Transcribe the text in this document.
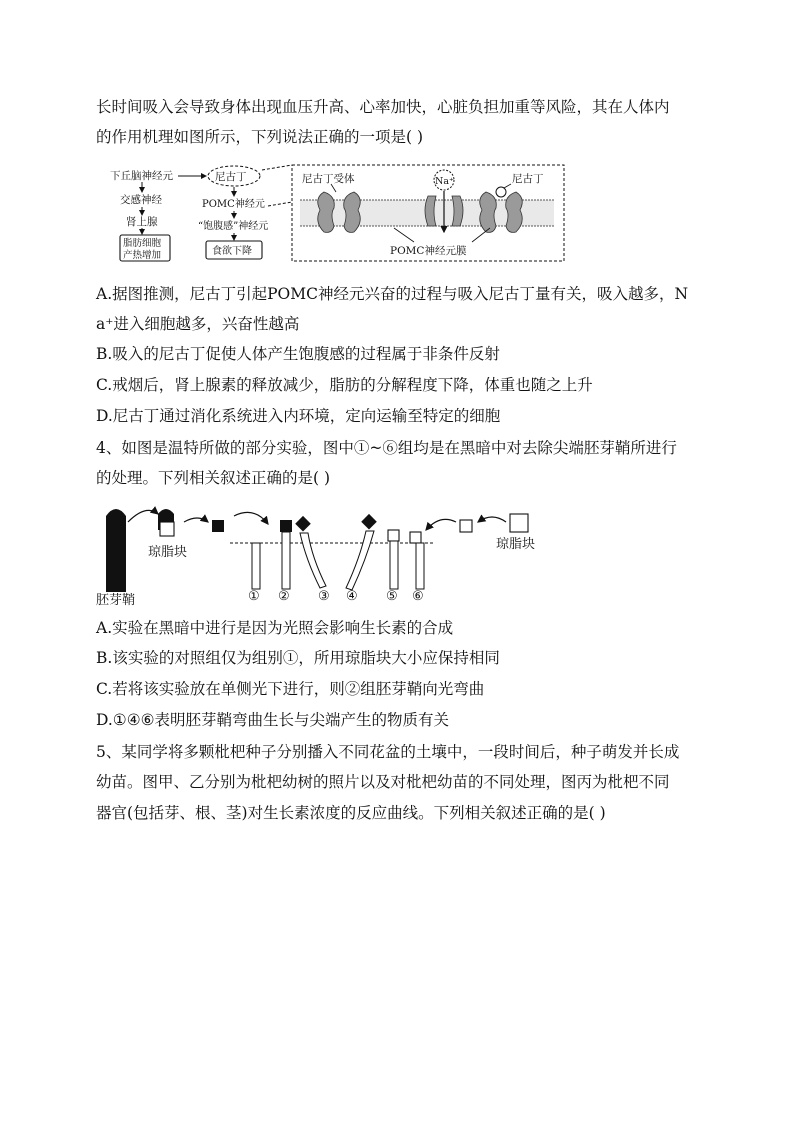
长时间吸入会导致身体出现血压升高、心率加快，心脏负担加重等风险，其在人体内
的作用机理如图所示，下列说法正确的一项是( )
下丘脑神经元
交感神经
肾上腺
脂肪细胞
产热增加
尼古丁
POMC神经元
“饱腹感”神经元
食欲下降
尼古丁受体	尼古丁
Na⁺
POMC神经元膜
A.据图推测，尼古丁引起POMC神经元兴奋的过程与吸入尼古丁量有关，吸入越多，N
a⁺进入细胞越多，兴奋性越高
B.吸入的尼古丁促使人体产生饱腹感的过程属于非条件反射
C.戒烟后，肾上腺素的释放减少，脂肪的分解程度下降，体重也随之上升
D.尼古丁通过消化系统进入内环境，定向运输至特定的细胞
4、如图是温特所做的部分实验，图中①~⑥组均是在黑暗中对去除尖端胚芽鞘所进行
的处理。下列相关叙述正确的是( )
胚芽鞘
琼脂块
琼脂块
① ② ③ ④ ⑤ ⑥
A.实验在黑暗中进行是因为光照会影响生长素的合成
B.该实验的对照组仅为组别①，所用琼脂块大小应保持相同
C.若将该实验放在单侧光下进行，则②组胚芽鞘向光弯曲
D.①④⑥表明胚芽鞘弯曲生长与尖端产生的物质有关
5、某同学将多颗枇杷种子分别播入不同花盆的土壤中，一段时间后，种子萌发并长成
幼苗。图甲、乙分别为枇杷幼树的照片以及对枇杷幼苗的不同处理，图丙为枇杷不同
器官(包括芽、根、茎)对生长素浓度的反应曲线。下列相关叙述正确的是( )
